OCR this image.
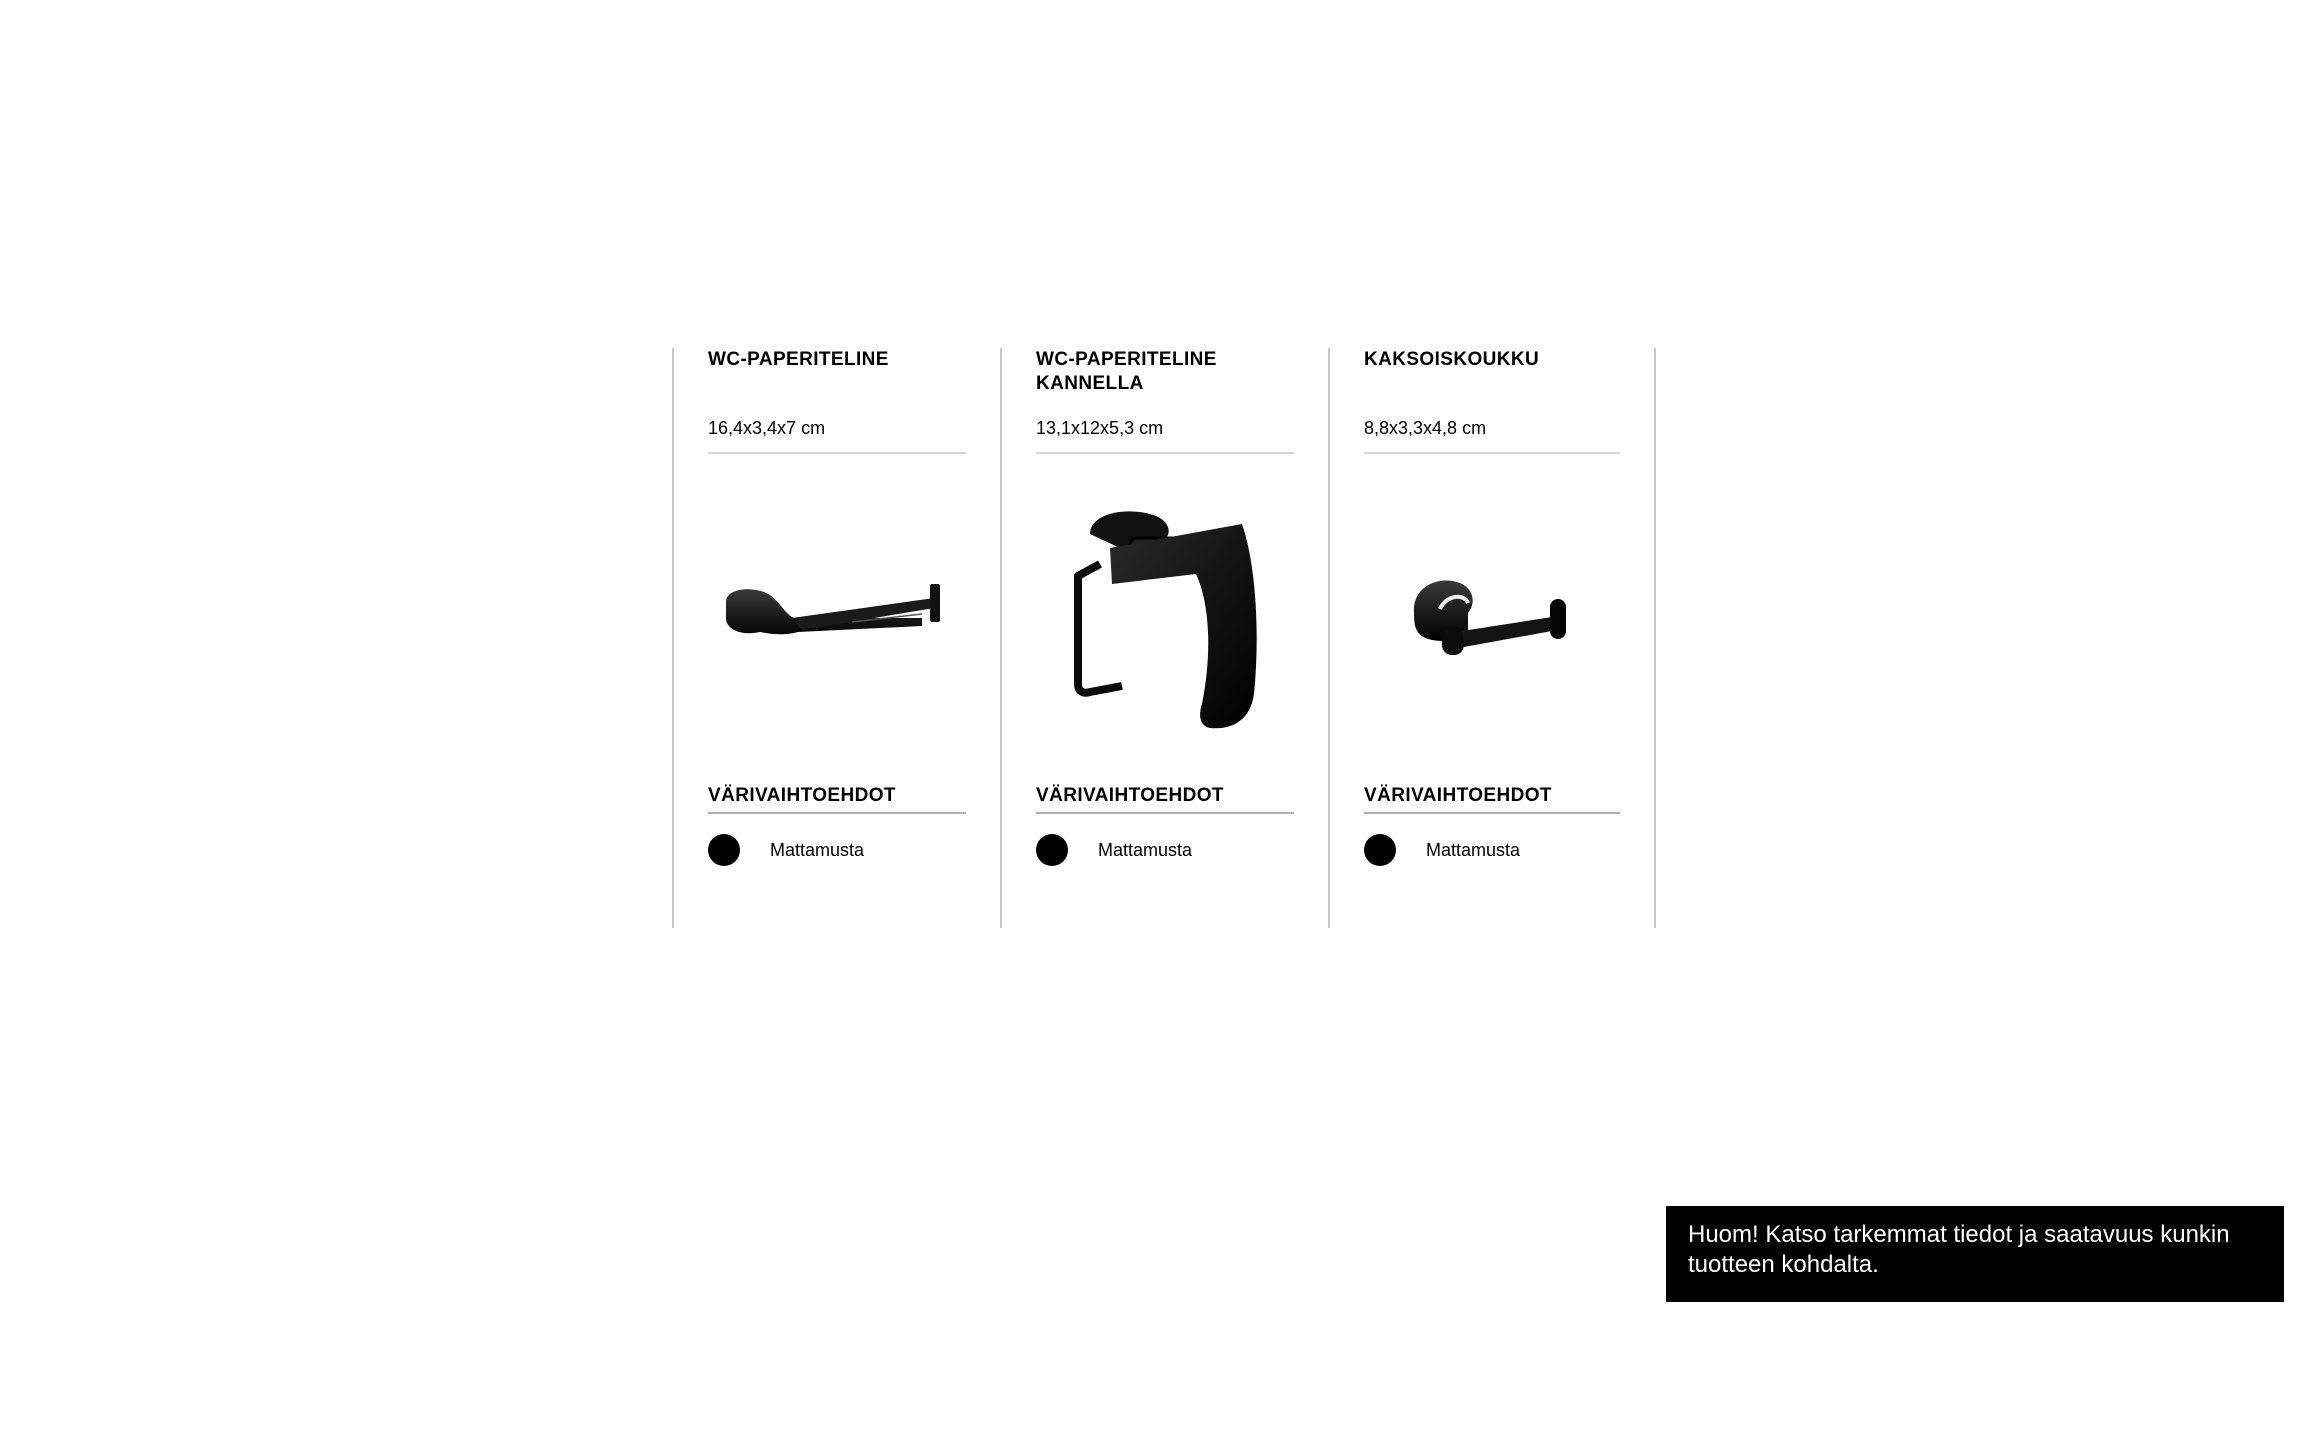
WC-PAPERITELINE
16,4x3,4x7 cm
VÄRIVAIHTOEHDOT
Mattamusta
WC-PAPERITELINE KANNELLA
13,1x12x5,3 cm
VÄRIVAIHTOEHDOT
Mattamusta
KAKSOISKOUKKU
8,8x3,3x4,8 cm
VÄRIVAIHTOEHDOT
Mattamusta
Huom! Katso tarkemmat tiedot ja saatavuus kunkin tuotteen kohdalta.
